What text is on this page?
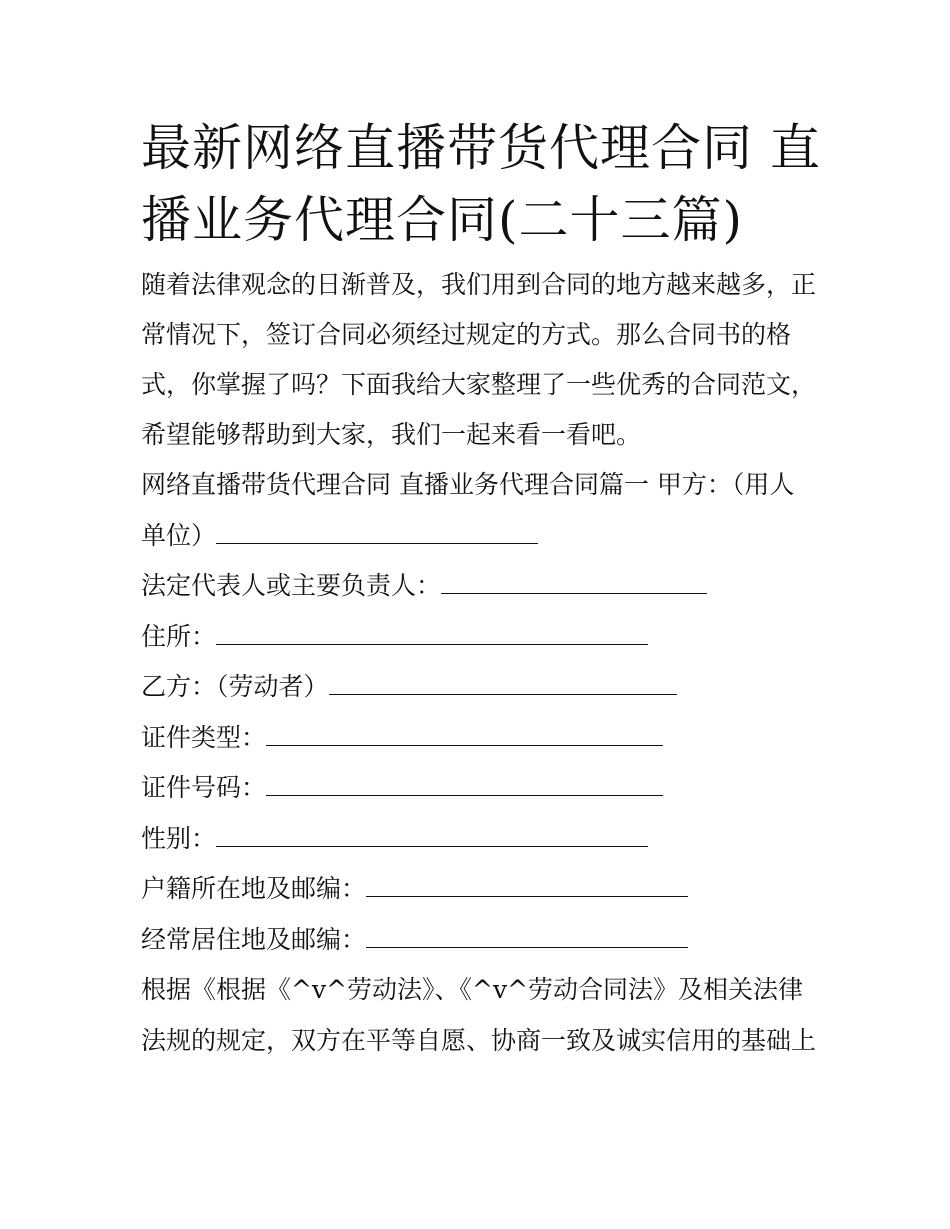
最新网络直播带货代理合同 直
播业务代理合同(二十三篇)
随着法律观念的日渐普及，我们用到合同的地方越来越多，正
常情况下，签订合同必须经过规定的方式。那么合同书的格
式，你掌握了吗？下面我给大家整理了一些优秀的合同范文，
希望能够帮助到大家，我们一起来看一看吧。
网络直播带货代理合同 直播业务代理合同篇一 甲方：（用人
单位）
法定代表人或主要负责人：
住所：
乙方：（劳动者）
证件类型：
证件号码：
性别：
户籍所在地及邮编：
经常居住地及邮编：
根据《根据《^v^劳动法》、《^v^劳动合同法》及相关法律
法规的规定，双方在平等自愿、协商一致及诚实信用的基础上
